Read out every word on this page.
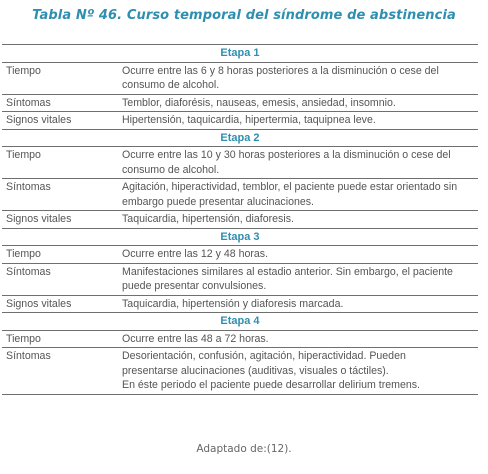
Tabla Nº 46. Curso temporal del síndrome de abstinencia
Etapa 1	
Tiempo	Ocurre entre las 6 y 8 horas posteriores a la disminución o cese del
consumo de alcohol.

Síntomas	Temblor, diaforésis, nauseas, emesis, ansiedad, insomnio.

Signos vitales	Hipertensión, taquicardia, hipertermia, taquipnea leve.

Etapa 2	
Tiempo	Ocurre entre las 10 y 30 horas posteriores a la disminución o cese del
consumo de alcohol.

Síntomas	Agitación, hiperactividad, temblor, el paciente puede estar orientado sin
embargo puede presentar alucinaciones.

Signos vitales	Taquicardia, hipertensión, diaforesis.

Etapa 3	
Tiempo	Ocurre entre las 12 y 48 horas.

Síntomas	Manifestaciones similares al estadio anterior. Sin embargo, el paciente
puede presentar convulsiones.

Signos vitales	Taquicardia, hipertensión y diaforesis marcada.

Etapa 4	
Tiempo	Ocurre entre las 48 a 72 horas.

Síntomas	Desorientación, confusión, agitación, hiperactividad. Pueden
presentarse alucinaciones (auditivas, visuales o táctiles).
En éste periodo el paciente puede desarrollar delirium tremens.
Adaptado de:(12).
